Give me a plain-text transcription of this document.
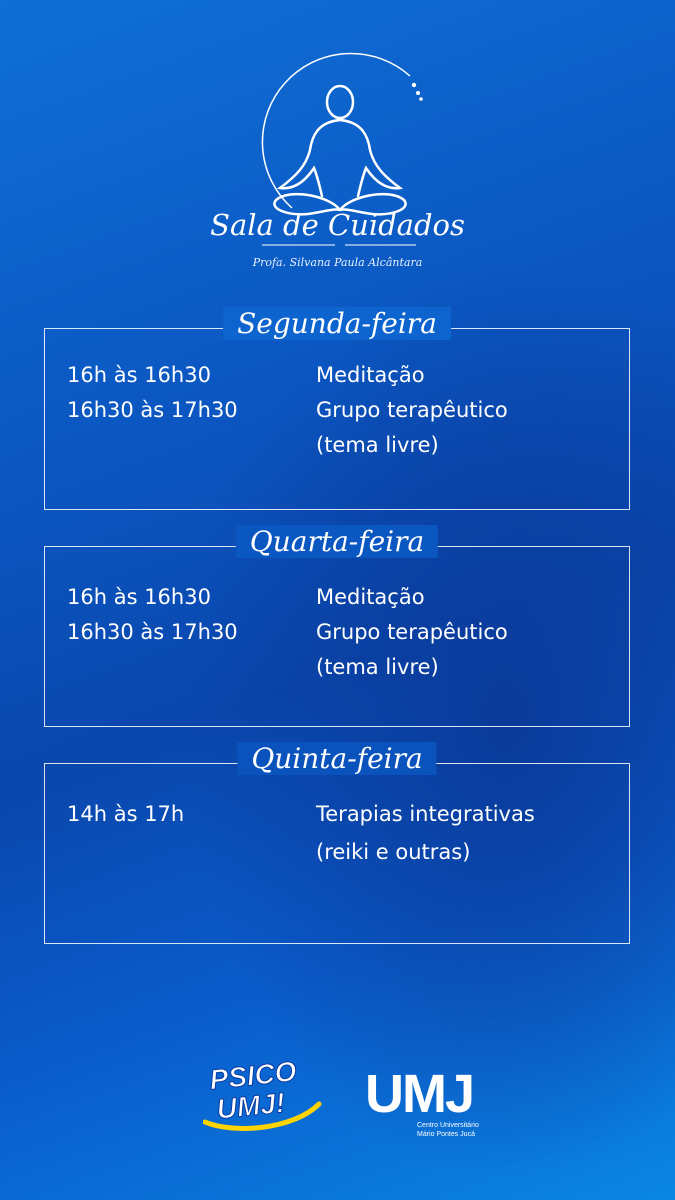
Sala de Cuidados
Profa. Silvana Paula Alcântara
Segunda-feira
16h às 16h30	Meditação
16h30 às 17h30	Grupo terapêutico
(tema livre)
Quarta-feira
16h às 16h30	Meditação
16h30 às 17h30	Grupo terapêutico
(tema livre)
Quinta-feira
14h às 17h	Terapias integrativas
(reiki e outras)
PSICO
UMJ! UMJ
Centro Universitário
Mário Pontes Jucá
